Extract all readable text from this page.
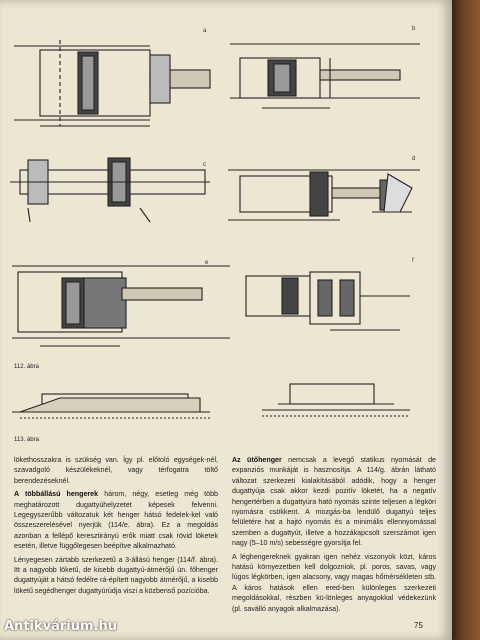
a	b
c
d
e	f
112. ábra
113. ábra

lökethosszakra is szükség van. Így pl. előtoló egységek-nél, szavadgoló készülékeknél, vagy térfogatra töltő berendezéseknél.

A többállású hengerek három, négy, esetleg még több meghatározott dugattyúhelyzetet képesek felvenni. Legegyszerűbb változatuk két henger hátsó fedelek-kel való összeszerelésével nyerjük (114/e. ábra). Ez a megoldás azonban a fellépő keresztirányú erők miatt csak rövid löketek esetén, illetve függőlegesen beépítve alkalmazható.

Lényegesen zártabb szerkezetű a 3-állású henger (114/f. ábra). Itt a nagyobb löketű, de kisebb dugattyú-átmérőjű ún. főhenger dugattyúját a hátsó fedélre rá-épített nagyobb átmérőjű, a kisebb löketű segédhenger dugattyúrúdja viszi a közbenső pozícióba.

Az ütőhenger nemcsak a levegő statikus nyomását de expanziós munkáját is hasznosítja. A 114/g. ábrán látható változat szerkezeti kialakításából adódik, hogy a henger dugattyúja csak akkor kezdi pozitív löketét, ha a negatív hengertérben a dugattyúra ható nyomás szinte teljesen a légköri nyomásra csökkent. A mozgás-ba lendülő dugattyú teljes felületére hat a hajtó nyomás és a minimális ellennyomással szemben a dugattyút, illetve a hozzákapcsolt szerszámot igen nagy (5–10 m/s) sebességre gyorsítja fel.

A léghengereknek gyakran igen nehéz viszonyok közt, káros hatású környezetben kell dolgozniok, pl. poros, savas, vagy lúgos légkörben, igen alacsony, vagy magas hőmérsékleten stb. A káros hatások ellen ered-ben különleges szerkezeti megoldásokkal, részben kü-lönleges anyagokkal védekezünk (pl. saválló anyagok alkalmazása).

75
Antikvárium.hu
